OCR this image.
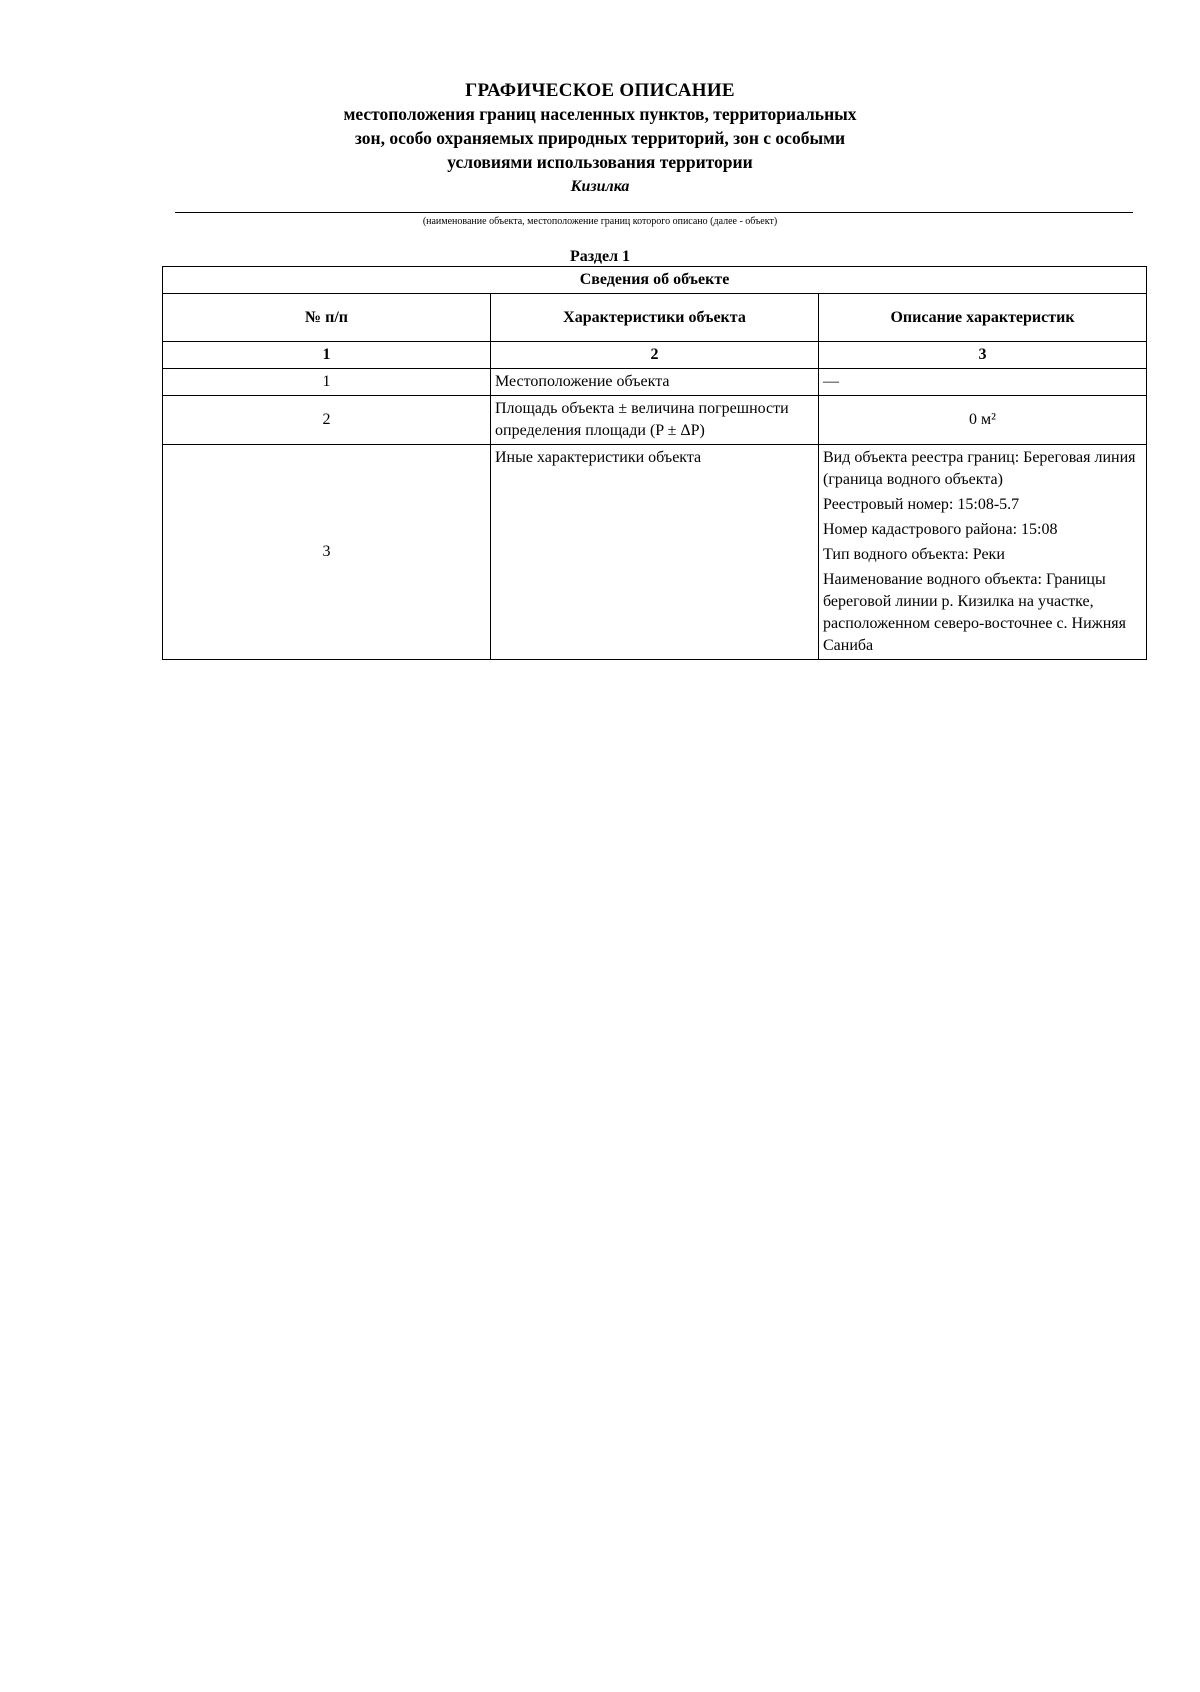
ГРАФИЧЕСКОЕ ОПИСАНИЕ
местоположения границ населенных пунктов, территориальных
зон, особо охраняемых природных территорий, зон с особыми
условиями использования территории
Кизилка
(наименование объекта, местоположение границ которого описано (далее - объект)
Раздел 1
Сведения об объекте		

№ п/п	Характеристики объекта	Описание характеристик
1	2	3
1	Местоположение объекта	—
2	Площадь объекта ± величина погрешности определения площади (P ± ΔP)	0 м²
3	Иные характеристики объекта	Вид объекта реестра границ: Береговая линия (граница водного объекта)
Реестровый номер: 15:08-5.7
Номер кадастрового района: 15:08
Тип водного объекта: Реки
Наименование водного объекта: Границы береговой линии р. Кизилка на участке, расположенном северо-восточнее с. Нижняя Саниба
